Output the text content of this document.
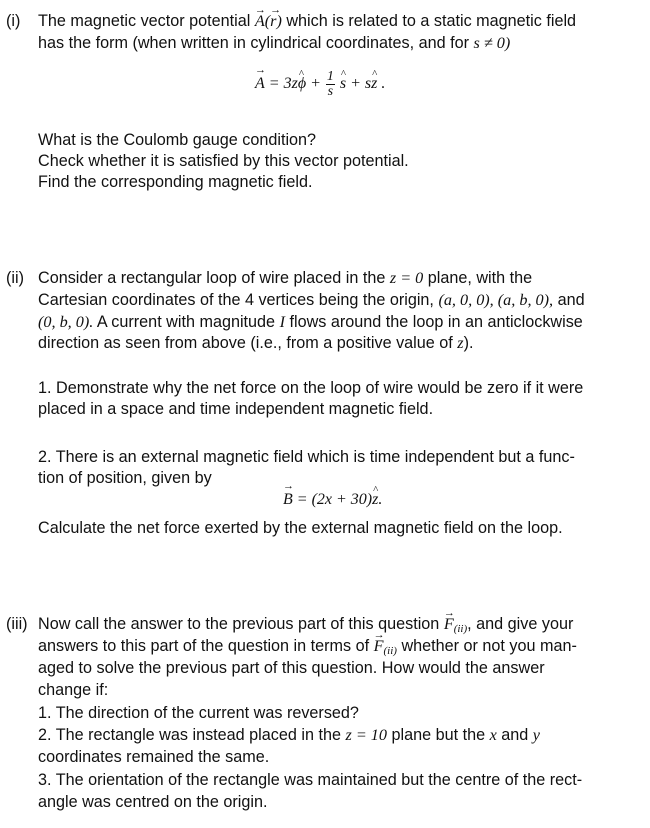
(i) The magnetic vector potential → A(→ r) which is related to a static magnetic field
has the form (when written in cylindrical coordinates, and for s ≠ 0)
→ A = 3z^ $\phi + \frac{1}{s}$ ^ s + s^ z .
What is the Coulomb gauge condition?
Check whether it is satisfied by this vector potential.
Find the corresponding magnetic field.
(ii) Consider a rectangular loop of wire placed in the z = 0 plane, with the
Cartesian coordinates of the 4 vertices being the origin, (a, 0, 0), (a, b, 0), and
(0, b, 0). A current with magnitude I flows around the loop in an anticlockwise
direction as seen from above (i.e., from a positive value of z).
1. Demonstrate why the net force on the loop of wire would be zero if it were
placed in a space and time independent magnetic field.
2. There is an external magnetic field which is time independent but a func-
tion of position, given by
→ B = (2x + 30)^ z.
Calculate the net force exerted by the external magnetic field on the loop.
(iii) Now call the answer to the previous part of this question → $F_{(ii)}$, and give your
answers to this part of the question in terms of → $F_{(ii)}$ whether or not you man-
aged to solve the previous part of this question. How would the answer
change if:
1. The direction of the current was reversed?
2. The rectangle was instead placed in the z = 10 plane but the x and y
coordinates remained the same.
3. The orientation of the rectangle was maintained but the centre of the rect-
angle was centred on the origin.
